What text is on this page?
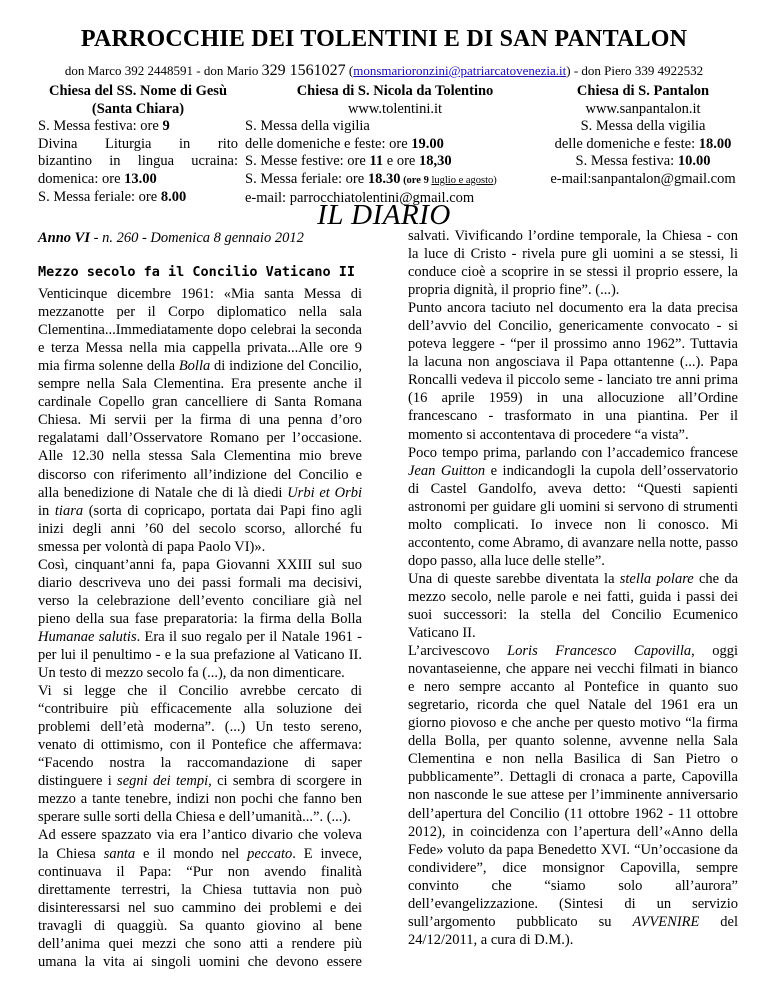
PARROCCHIE DEI TOLENTINI E DI SAN PANTALON
don Marco 392 2448591 - don Mario 329 1561027 (monsmarioronzini@patriarcatovenezia.it) - don Piero 339 4922532
Chiesa del SS. Nome di Gesù
(Santa Chiara)
S. Messa festiva: ore 9
Divina Liturgia in rito
bizantino in lingua ucraina:
domenica: ore 13.00
S. Messa feriale: ore 8.00
Chiesa di S. Nicola da Tolentino
www.tolentini.it
S. Messa della vigilia
delle domeniche e feste: ore 19.00
S. Messe festive: ore 11 e ore 18,30
S. Messa feriale: ore 18.30 (ore 9 luglio e agosto)
e-mail: parrocchiatolentini@gmail.com
Chiesa di S. Pantalon
www.sanpantalon.it
S. Messa della vigilia
delle domeniche e feste: 18.00
S. Messa festiva: 10.00
e-mail:sanpantalon@gmail.com
IL DIARIO
Anno VI - n. 260 - Domenica 8 gennaio 2012
Mezzo secolo fa il Concilio Vaticano II

Venticinque dicembre 1961: «Mia santa Messa di mezzanotte per il Corpo diplomatico nella sala Clementina...Immediatamente dopo celebrai la seconda e terza Messa nella mia cappella privata...Alle ore 9 mia firma solenne della Bolla di indizione del Concilio, sempre nella Sala Clementina. Era presente anche il cardinale Copello gran cancelliere di Santa Romana Chiesa. Mi servii per la firma di una penna d’oro regalatami dall’Osservatore Romano per l’occasione. Alle 12.30 nella stessa Sala Clementina mio breve discorso con riferimento all’indizione del Concilio e alla benedizione di Natale che di là diedi Urbi et Orbi in tiara (sorta di copricapo, portata dai Papi fino agli inizi degli anni ’60 del secolo scorso, allorché fu smessa per volontà di papa Paolo VI)».

Così, cinquant’anni fa, papa Giovanni XXIII sul suo diario descriveva uno dei passi formali ma decisivi, verso la celebrazione dell’evento conciliare già nel pieno della sua fase preparatoria: la firma della Bolla Humanae salutis. Era il suo regalo per il Natale 1961 - per lui il penultimo - e la sua prefazione al Vaticano II. Un testo di mezzo secolo fa (...), da non dimenticare.

Vi si legge che il Concilio avrebbe cercato di “contribuire più efficacemente alla soluzione dei problemi dell’età moderna”. (...) Un testo sereno, venato di ottimismo, con il Pontefice che affermava: “Facendo nostra la raccomandazione di saper distinguere i segni dei tempi, ci sembra di scorgere in mezzo a tante tenebre, indizi non pochi che fanno ben sperare sulle sorti della Chiesa e dell’umanità...”. (...).

Ad essere spazzato via era l’antico divario che voleva la Chiesa santa e il mondo nel peccato. E invece, continuava il Papa: “Pur non avendo finalità direttamente terrestri, la Chiesa tuttavia non può disinteressarsi nel suo cammino dei problemi e dei travagli di quaggiù. Sa quanto giovino al bene dell’anima quei mezzi che sono atti a rendere più umana la vita ai singoli uomini che devono essere

salvati. Vivificando l’ordine temporale, la Chiesa - con la luce di Cristo - rivela pure gli uomini a se stessi, li conduce cioè a scoprire in se stessi il proprio essere, la propria dignità, il proprio fine”. (...).

Punto ancora taciuto nel documento era la data precisa dell’avvio del Concilio, genericamente convocato - si poteva leggere - “per il prossimo anno 1962”. Tuttavia la lacuna non angosciava il Papa ottantenne (...). Papa Roncalli vedeva il piccolo seme - lanciato tre anni prima (16 aprile 1959) in una allocuzione all’Ordine francescano - trasformato in una piantina. Per il momento si accontentava di procedere “a vista”.

Poco tempo prima, parlando con l’accademico francese Jean Guitton e indicandogli la cupola dell’osservatorio di Castel Gandolfo, aveva detto: “Questi sapienti astronomi per guidare gli uomini si servono di strumenti molto complicati. Io invece non li conosco. Mi accontento, come Abramo, di avanzare nella notte, passo dopo passo, alla luce delle stelle”.

Una di queste sarebbe diventata la stella polare che da mezzo secolo, nelle parole e nei fatti, guida i passi dei suoi successori: la stella del Concilio Ecumenico Vaticano II.

L’arcivescovo Loris Francesco Capovilla, oggi novantaseienne, che appare nei vecchi filmati in bianco e nero sempre accanto al Pontefice in quanto suo segretario, ricorda che quel Natale del 1961 era un giorno piovoso e che anche per questo motivo “la firma della Bolla, per quanto solenne, avvenne nella Sala Clementina e non nella Basilica di San Pietro o pubblicamente”. Dettagli di cronaca a parte, Capovilla non nasconde le sue attese per l’imminente anniversario dell’apertura del Concilio (11 ottobre 1962 - 11 ottobre 2012), in coincidenza con l’apertura dell’«Anno della Fede» voluto da papa Benedetto XVI. “Un’occasione da condividere”, dice monsignor Capovilla, sempre convinto che “siamo solo all’aurora” dell’evangelizzazione. (Sintesi di un servizio sull’argomento pubblicato su AVVENIRE del 24/12/2011, a cura di D.M.).
